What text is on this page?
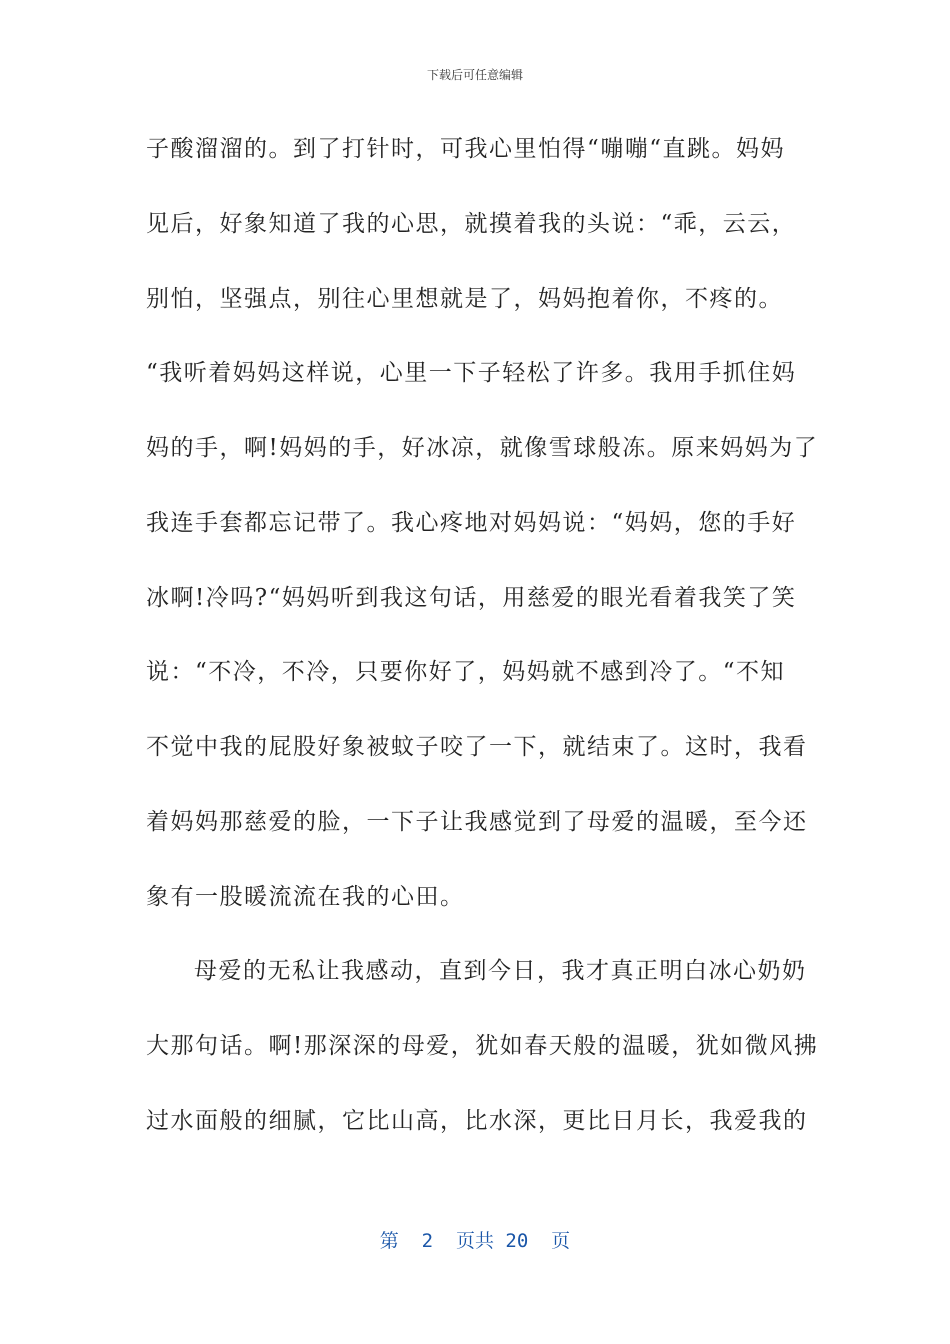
下载后可任意编辑
子酸溜溜的。到了打针时，可我心里怕得“嘣嘣“直跳。妈妈
见后，好象知道了我的心思，就摸着我的头说：“乖，云云，
别怕，坚强点，别往心里想就是了，妈妈抱着你，不疼的。
“我听着妈妈这样说，心里一下子轻松了许多。我用手抓住妈
妈的手，啊!妈妈的手，好冰凉，就像雪球般冻。原来妈妈为了
我连手套都忘记带了。我心疼地对妈妈说：“妈妈，您的手好
冰啊!冷吗?“妈妈听到我这句话，用慈爱的眼光看着我笑了笑
说：“不冷，不冷，只要你好了，妈妈就不感到冷了。“不知
不觉中我的屁股好象被蚊子咬了一下，就结束了。这时，我看
着妈妈那慈爱的脸，一下子让我感觉到了母爱的温暖，至今还
象有一股暖流流在我的心田。
母爱的无私让我感动，直到今日，我才真正明白冰心奶奶
大那句话。啊!那深深的母爱，犹如春天般的温暖，犹如微风拂
过水面般的细腻，它比山高，比水深，更比日月长，我爱我的
第  2  页共 20  页
